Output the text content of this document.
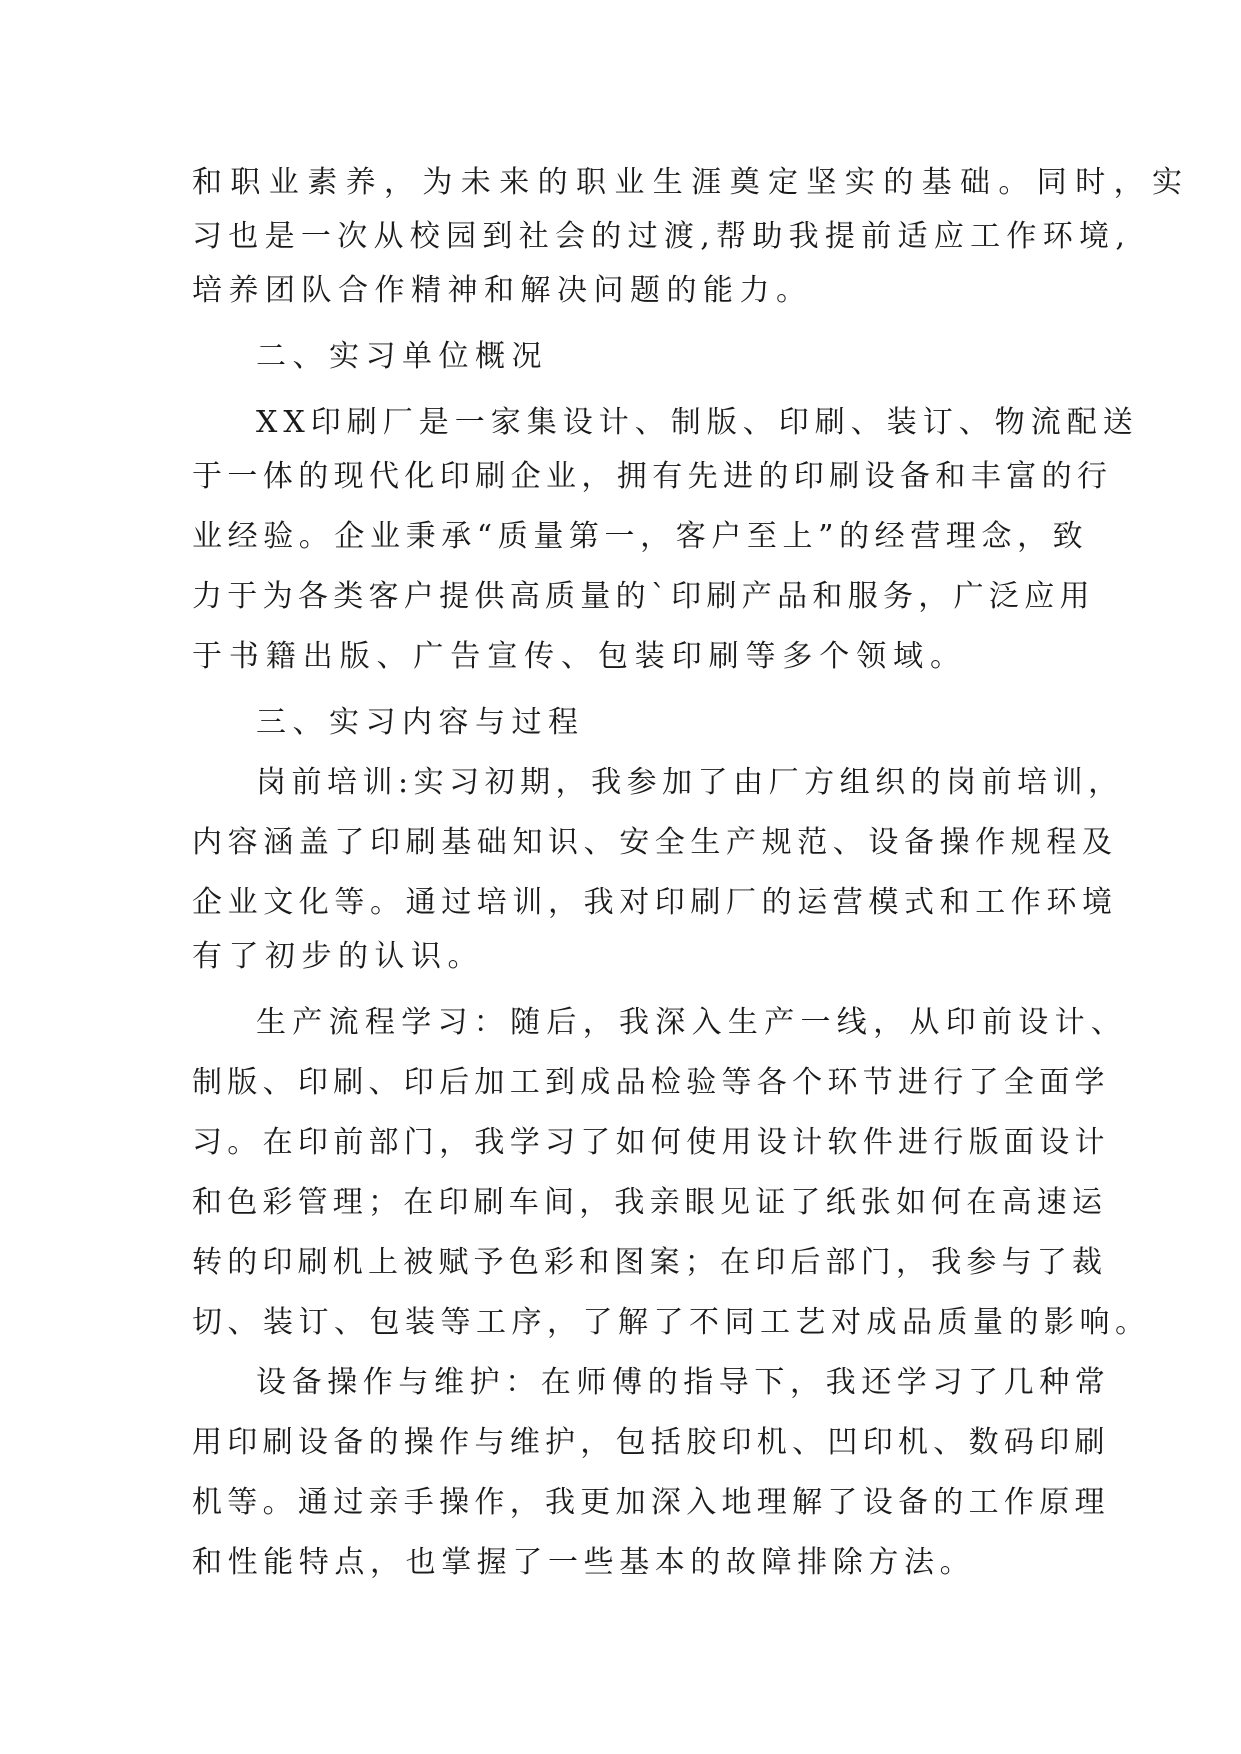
和职业素养，为未来的职业生涯奠定坚实的基础。同时，实
习也是一次从校园到社会的过渡,帮助我提前适应工作环境,
培养团队合作精神和解决问题的能力。
二、实习单位概况
XX印刷厂是一家集设计、制版、印刷、装订、物流配送
于一体的现代化印刷企业，拥有先进的印刷设备和丰富的行
业经验。企业秉承“质量第一，客户至上”的经营理念，致
力于为各类客户提供高质量的`印刷产品和服务，广泛应用
于书籍出版、广告宣传、包装印刷等多个领域。
三、实习内容与过程
岗前培训:实习初期，我参加了由厂方组织的岗前培训，
内容涵盖了印刷基础知识、安全生产规范、设备操作规程及
企业文化等。通过培训，我对印刷厂的运营模式和工作环境
有了初步的认识。
生产流程学习：随后，我深入生产一线，从印前设计、
制版、印刷、印后加工到成品检验等各个环节进行了全面学
习。在印前部门，我学习了如何使用设计软件进行版面设计
和色彩管理；在印刷车间，我亲眼见证了纸张如何在高速运
转的印刷机上被赋予色彩和图案；在印后部门，我参与了裁
切、装订、包装等工序，了解了不同工艺对成品质量的影响。
设备操作与维护：在师傅的指导下，我还学习了几种常
用印刷设备的操作与维护，包括胶印机、凹印机、数码印刷
机等。通过亲手操作，我更加深入地理解了设备的工作原理
和性能特点，也掌握了一些基本的故障排除方法。
